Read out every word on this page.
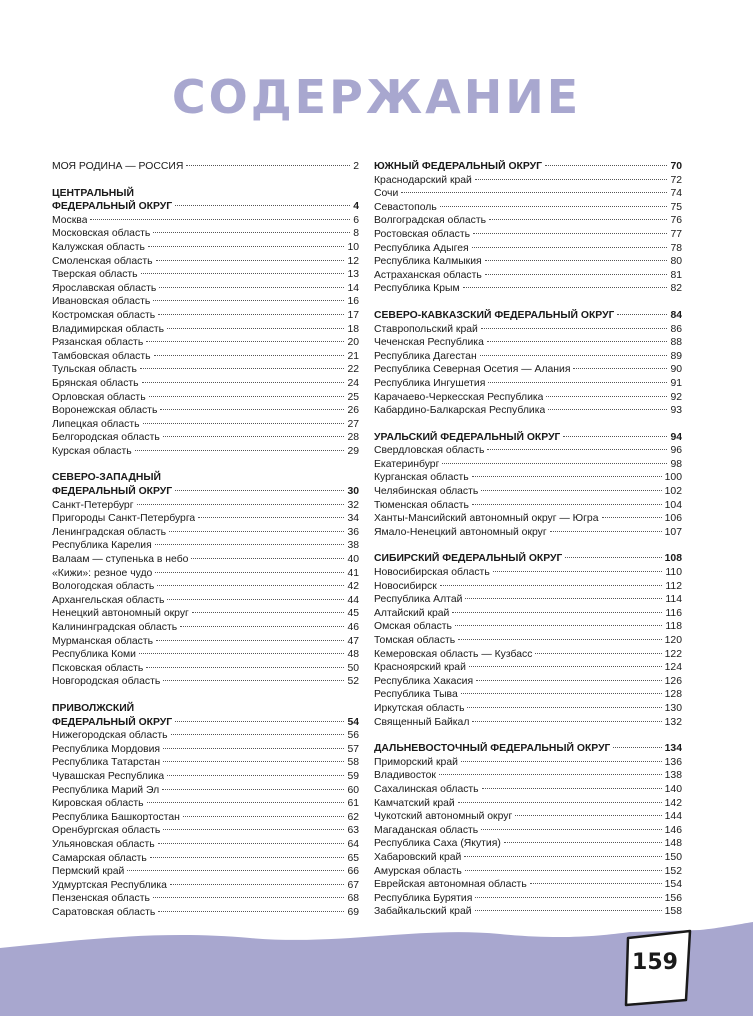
СОДЕРЖАНИЕ
МОЯ РОДИНА — РОССИЯ	2
ЦЕНТРАЛЬНЫЙ
ФЕДЕРАЛЬНЫЙ ОКРУГ	4
Москва	6
Московская область	8
Калужская область	10
Смоленская область	12
Тверская область	13
Ярославская область	14
Ивановская область	16
Костромская область	17
Владимирская область	18
Рязанская область	20
Тамбовская область	21
Тульская область	22
Брянская область	24
Орловская область	25
Воронежская область	26
Липецкая область	27
Белгородская область	28
Курская область	29
СЕВЕРО-ЗАПАДНЫЙ
ФЕДЕРАЛЬНЫЙ ОКРУГ	30
Санкт-Петербург	32
Пригороды Санкт-Петербурга	34
Ленинградская область	36
Республика Карелия	38
Валаам — ступенька в небо	40
«Кижи»: резное чудо	41
Вологодская область	42
Архангельская область	44
Ненецкий автономный округ	45
Калининградская область	46
Мурманская область	47
Республика Коми	48
Псковская область	50
Новгородская область	52
ПРИВОЛЖСКИЙ
ФЕДЕРАЛЬНЫЙ ОКРУГ	54
Нижегородская область	56
Республика Мордовия	57
Республика Татарстан	58
Чувашская Республика	59
Республика Марий Эл	60
Кировская область	61
Республика Башкортостан	62
Оренбургская область	63
Ульяновская область	64
Самарская область	65
Пермский край	66
Удмуртская Республика	67
Пензенская область	68
Саратовская область	69
ЮЖНЫЙ ФЕДЕРАЛЬНЫЙ ОКРУГ	70
Краснодарский край	72
Сочи	74
Севастополь	75
Волгоградская область	76
Ростовская область	77
Республика Адыгея	78
Республика Калмыкия	80
Астраханская область	81
Республика Крым	82
СЕВЕРО-КАВКАЗСКИЙ ФЕДЕРАЛЬНЫЙ ОКРУГ	84
Ставропольский край	86
Чеченская Республика	88
Республика Дагестан	89
Республика Северная Осетия — Алания	90
Республика Ингушетия	91
Карачаево-Черкесская Республика	92
Кабардино-Балкарская Республика	93
УРАЛЬСКИЙ ФЕДЕРАЛЬНЫЙ ОКРУГ	94
Свердловская область	96
Екатеринбург	98
Курганская область	100
Челябинская область	102
Тюменская область	104
Ханты-Мансийский автономный округ — Югра	106
Ямало-Ненецкий автономный округ	107
СИБИРСКИЙ ФЕДЕРАЛЬНЫЙ ОКРУГ	108
Новосибирская область	110
Новосибирск	112
Республика Алтай	114
Алтайский край	116
Омская область	118
Томская область	120
Кемеровская область — Кузбасс	122
Красноярский край	124
Республика Хакасия	126
Республика Тыва	128
Иркутская область	130
Священный Байкал	132
ДАЛЬНЕВОСТОЧНЫЙ ФЕДЕРАЛЬНЫЙ ОКРУГ	134
Приморский край	136
Владивосток	138
Сахалинская область	140
Камчатский край	142
Чукотский автономный округ	144
Магаданская область	146
Республика Саха (Якутия)	148
Хабаровский край	150
Амурская область	152
Еврейская автономная область	154
Республика Бурятия	156
Забайкальский край	158
159
